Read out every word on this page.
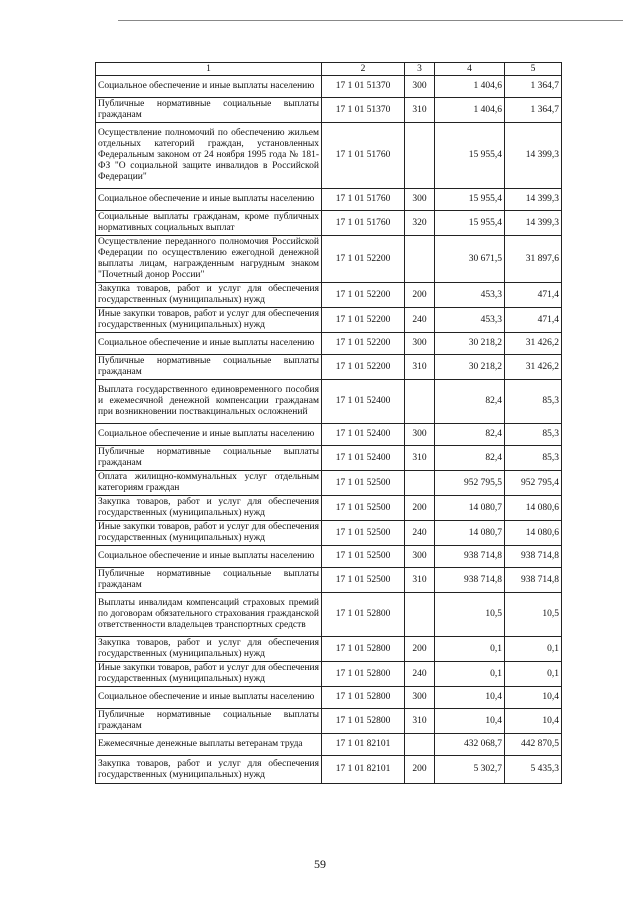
1	2	3	4	5
Социальное обеспечение и иные выплаты населению	17 1 01 51370	300	1 404,6	1 364,7
Публичные нормативные социальные выплаты гражданам	17 1 01 51370	310	1 404,6	1 364,7
Осуществление полномочий по обеспечению жильем отдельных категорий граждан, установленных Федеральным законом от 24 ноября 1995 года № 181-ФЗ "О социальной защите инвалидов в Российской Федерации"	17 1 01 51760		15 955,4	14 399,3
Социальное обеспечение и иные выплаты населению	17 1 01 51760	300	15 955,4	14 399,3
Социальные выплаты гражданам, кроме публичных нормативных социальных выплат	17 1 01 51760	320	15 955,4	14 399,3
Осуществление переданного полномочия Российской Федерации по осуществлению ежегодной денежной выплаты лицам, награжденным нагрудным знаком "Почетный донор России"	17 1 01 52200		30 671,5	31 897,6
Закупка товаров, работ и услуг для обеспечения государственных (муниципальных) нужд	17 1 01 52200	200	453,3	471,4
Иные закупки товаров, работ и услуг для обеспечения государственных (муниципальных) нужд	17 1 01 52200	240	453,3	471,4
Социальное обеспечение и иные выплаты населению	17 1 01 52200	300	30 218,2	31 426,2
Публичные нормативные социальные выплаты гражданам	17 1 01 52200	310	30 218,2	31 426,2
Выплата государственного единовременного пособия и ежемесячной денежной компенсации гражданам при возникновении поствакцинальных осложнений	17 1 01 52400		82,4	85,3
Социальное обеспечение и иные выплаты населению	17 1 01 52400	300	82,4	85,3
Публичные нормативные социальные выплаты гражданам	17 1 01 52400	310	82,4	85,3
Оплата жилищно-коммунальных услуг отдельным категориям граждан	17 1 01 52500		952 795,5	952 795,4
Закупка товаров, работ и услуг для обеспечения государственных (муниципальных) нужд	17 1 01 52500	200	14 080,7	14 080,6
Иные закупки товаров, работ и услуг для обеспечения государственных (муниципальных) нужд	17 1 01 52500	240	14 080,7	14 080,6
Социальное обеспечение и иные выплаты населению	17 1 01 52500	300	938 714,8	938 714,8
Публичные нормативные социальные выплаты гражданам	17 1 01 52500	310	938 714,8	938 714,8
Выплаты инвалидам компенсаций страховых премий по договорам обязательного страхования гражданской ответственности владельцев транспортных средств	17 1 01 52800		10,5	10,5
Закупка товаров, работ и услуг для обеспечения государственных (муниципальных) нужд	17 1 01 52800	200	0,1	0,1
Иные закупки товаров, работ и услуг для обеспечения государственных (муниципальных) нужд	17 1 01 52800	240	0,1	0,1
Социальное обеспечение и иные выплаты населению	17 1 01 52800	300	10,4	10,4
Публичные нормативные социальные выплаты гражданам	17 1 01 52800	310	10,4	10,4
Ежемесячные денежные выплаты ветеранам труда	17 1 01 82101		432 068,7	442 870,5
Закупка товаров, работ и услуг для обеспечения государственных (муниципальных) нужд	17 1 01 82101	200	5 302,7	5 435,3
59
